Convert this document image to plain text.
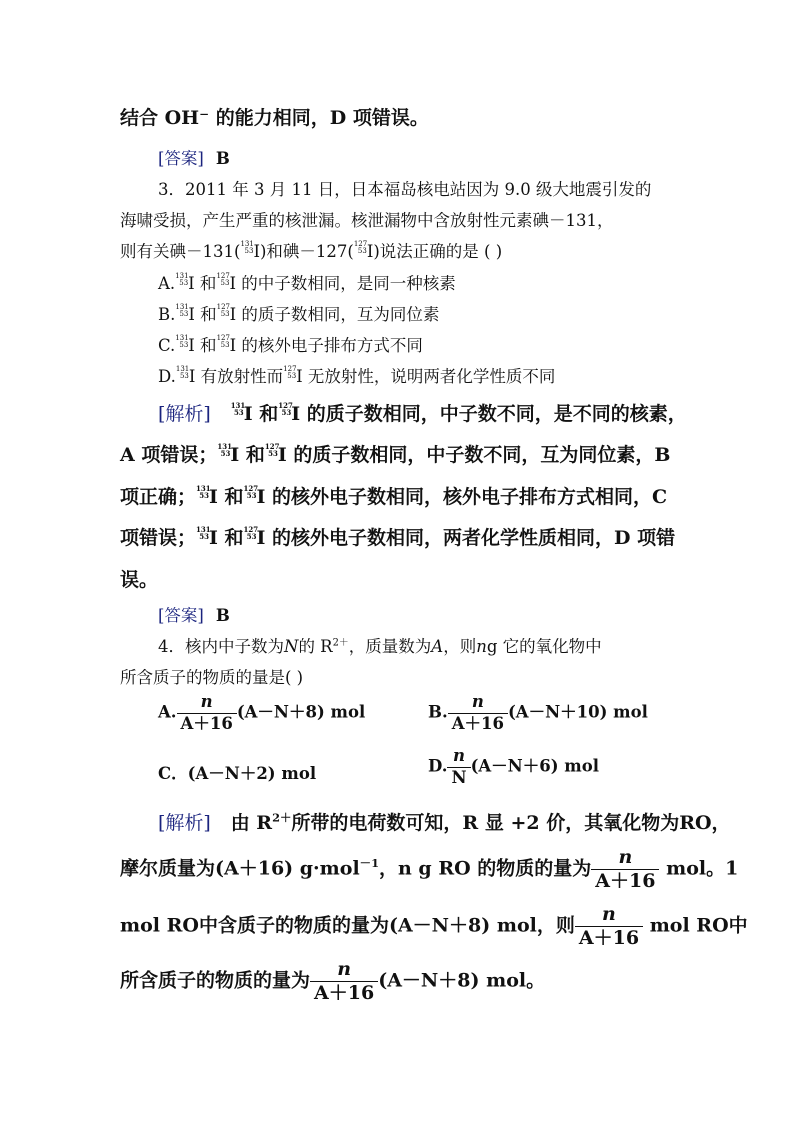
结合 OH⁻ 的能力相同，D 项错误。
[答案] B
3．2011 年 3 月 11 日，日本福岛核电站因为 9.0 级大地震引发的
海啸受损，产生严重的核泄漏。核泄漏物中含放射性元素碘－131，
则有关碘－131( 131
53 I)和碘－127( 127
53 I)说法正确的是 ( )
A. 131
53 I 和 127
53 I 的中子数相同，是同一种核素
B. 131
53 I 和 127
53 I 的质子数相同，互为同位素
C. 131
53 I 和 127
53 I 的核外电子排布方式不同
D. 131
53 I 有放射性而 127
53 I 无放射性，说明两者化学性质不同
[解析]	131
53 I 和 127
53 I 的质子数相同，中子数不同，是不同的核素，
A 项错误； 131
53 I 和 127
53 I 的质子数相同，中子数不同，互为同位素，B
项正确； 131
53 I 和 127
53 I 的核外电子数相同，核外电子排布方式相同，C
项错误； 131
53 I 和 127
53 I 的核外电子数相同，两者化学性质相同，D 项错
误。
[答案] B
4．核内中子数为N的 $R^{2+}$，质量数为A，则ng 它的氧化物中
所含质子的物质的量是( )
A. $\frac{n}{A+16} (A-N+8)$ mol	B. $\frac{n}{A+16} (A-N+10)$ mol
C．(A－N＋2) mol	D. $\frac{n}{N} (A-N+6)$ mol
[解析] 由 $R^{2+}$所带的电荷数可知，R 显 +2 价，其氧化物为RO，
摩尔质量为(A＋16) g·mol$^{-1}$，n g RO 的物质的量为 $\frac{n}{A+16}$ mol。1
mol RO中含质子的物质的量为(A－N＋8) mol，则 $\frac{n}{A+16}$ mol RO中
所含质子的物质的量为 $\frac{n}{A+16} (A-N+8)$ mol。
